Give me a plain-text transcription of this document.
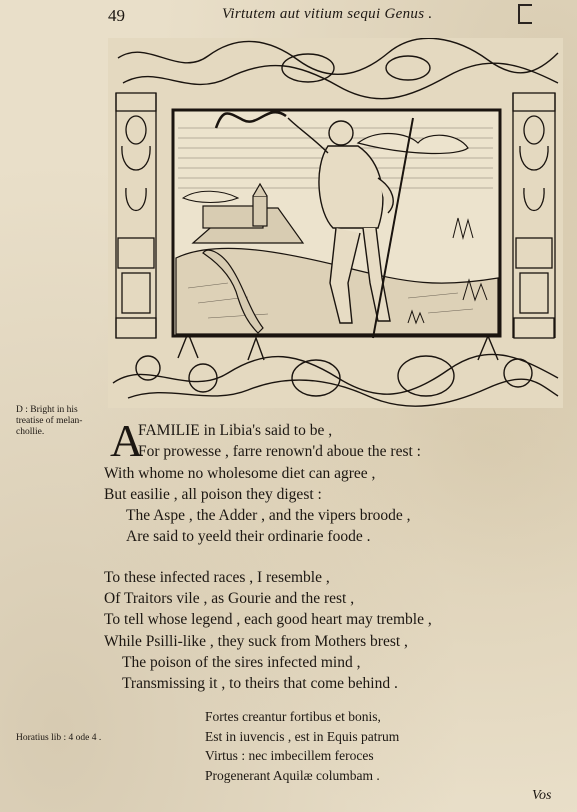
49	Virtutem aut vitium sequi Genus .
D : Bright in his treatise of melan-chollie.
Horatius lib : 4 ode 4 .
A
FAMILIE in Libia's said to be ,
For prowesse , farre renown'd aboue the rest :
With whome no wholesome diet can agree ,
But easilie , all poison they digest :
The Aspe , the Adder , and the vipers broode ,
Are said to yeeld their ordinarie foode .
To these infected races , I resemble ,
Of Traitors vile , as Gourie and the rest ,
To tell whose legend , each good heart may tremble ,
While Psilli-like , they suck from Mothers brest ,
The poison of the sires infected mind ,
Transmissing it , to theirs that come behind .
Fortes creantur fortibus et bonis,
Est in iuvencis , est in Equis patrum
Virtus : nec imbecillem feroces
Progenerant Aquilæ columbam .
Vos
